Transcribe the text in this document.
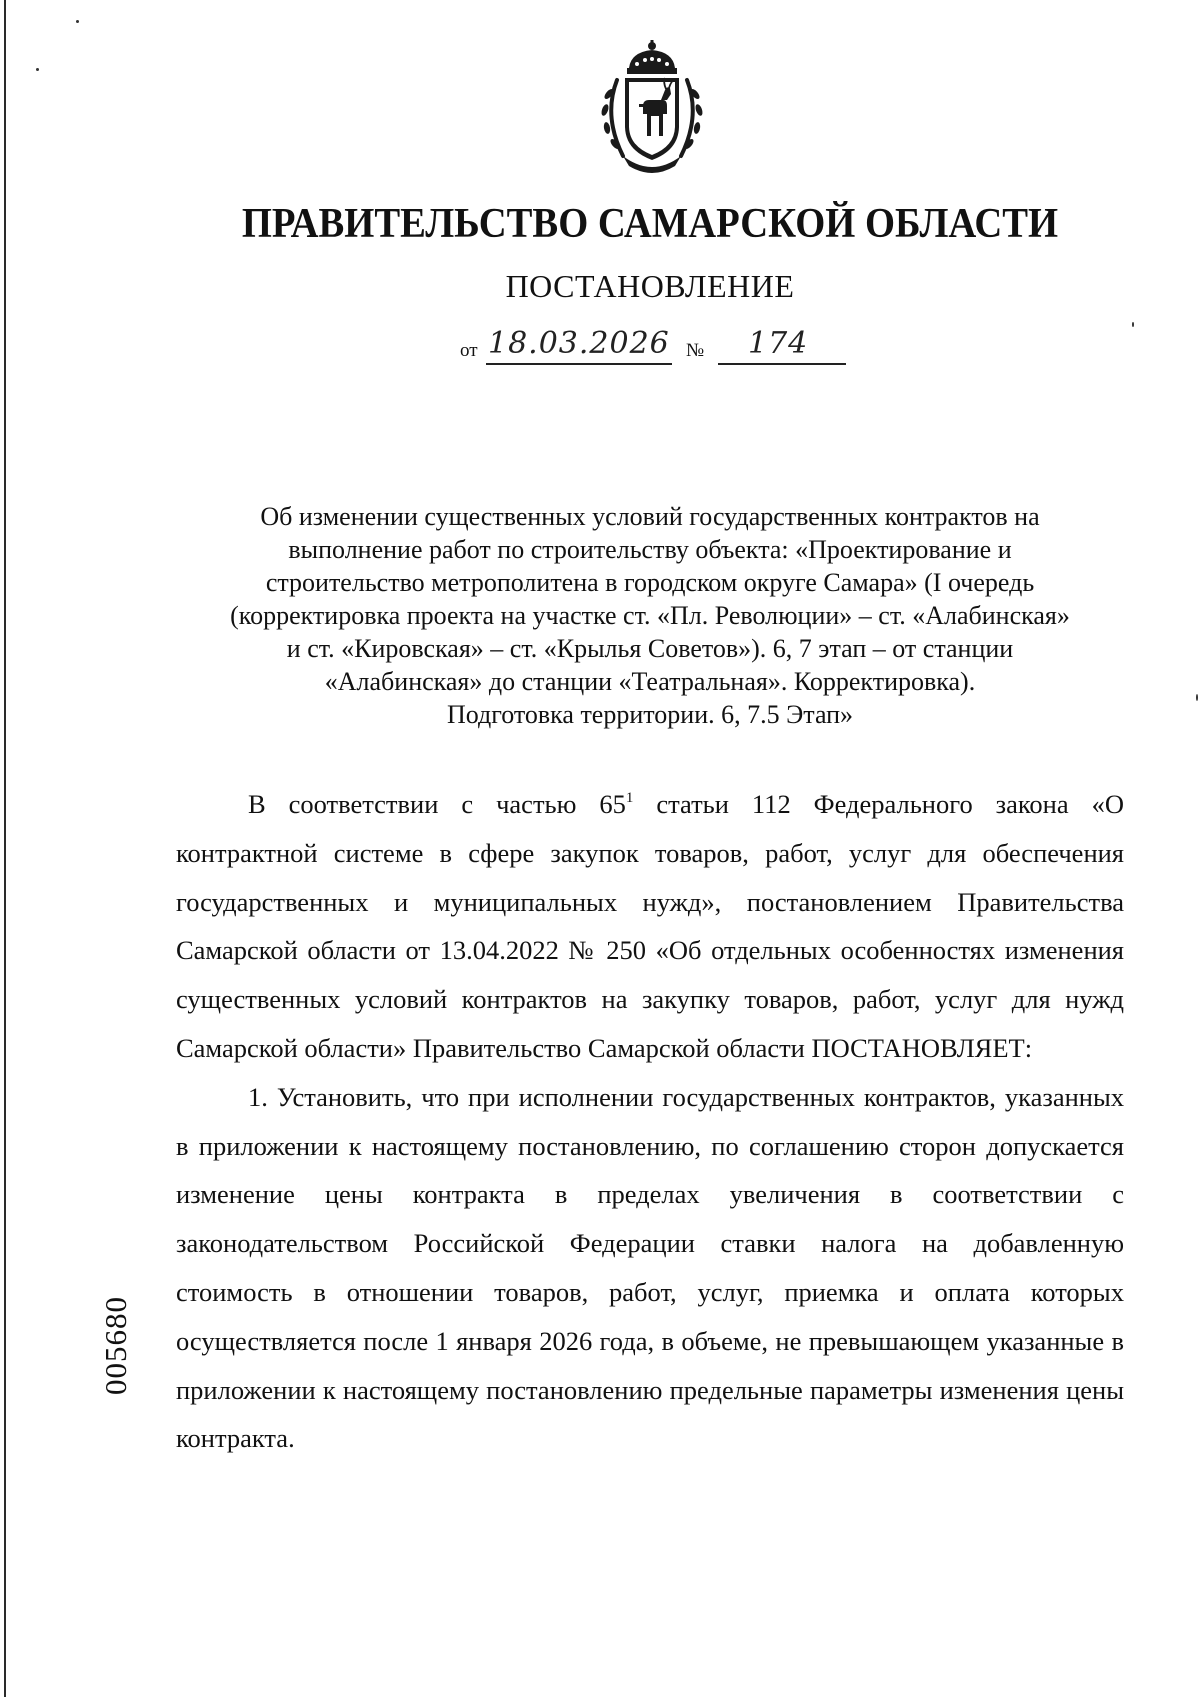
ПРАВИТЕЛЬСТВО САМАРСКОЙ ОБЛАСТИ
ПОСТАНОВЛЕНИЕ
от 18.03.2026 № 174
Об изменении существенных условий государственных контрактов на
выполнение работ по строительству объекта: «Проектирование и
строительство метрополитена в городском округе Самара» (I очередь
(корректировка проекта на участке ст. «Пл. Революции» – ст. «Алабинская»
и ст. «Кировская» – ст. «Крылья Советов»). 6, 7 этап – от станции
«Алабинская» до станции «Театральная». Корректировка).
Подготовка территории. 6, 7.5 Этап»

В соответствии с частью $65^1$ статьи 112 Федерального закона «О контрактной системе в сфере закупок товаров, работ, услуг для обеспечения государственных и муниципальных нужд», постановлением Правительства Самарской области от 13.04.2022 № 250 «Об отдельных особенностях изменения существенных условий контрактов на закупку товаров, работ, услуг для нужд Самарской области» Правительство Самарской области ПОСТАНОВЛЯЕТ:

1. Установить, что при исполнении государственных контрактов, указанных в приложении к настоящему постановлению, по соглашению сторон допускается изменение цены контракта в пределах увеличения в соответствии с законодательством Российской Федерации ставки налога на добавленную стоимость в отношении товаров, работ, услуг, приемка и оплата которых осуществляется после 1 января 2026 года, в объеме, не превышающем указанные в приложении к настоящему постановлению предельные параметры изменения цены контракта.

005680
